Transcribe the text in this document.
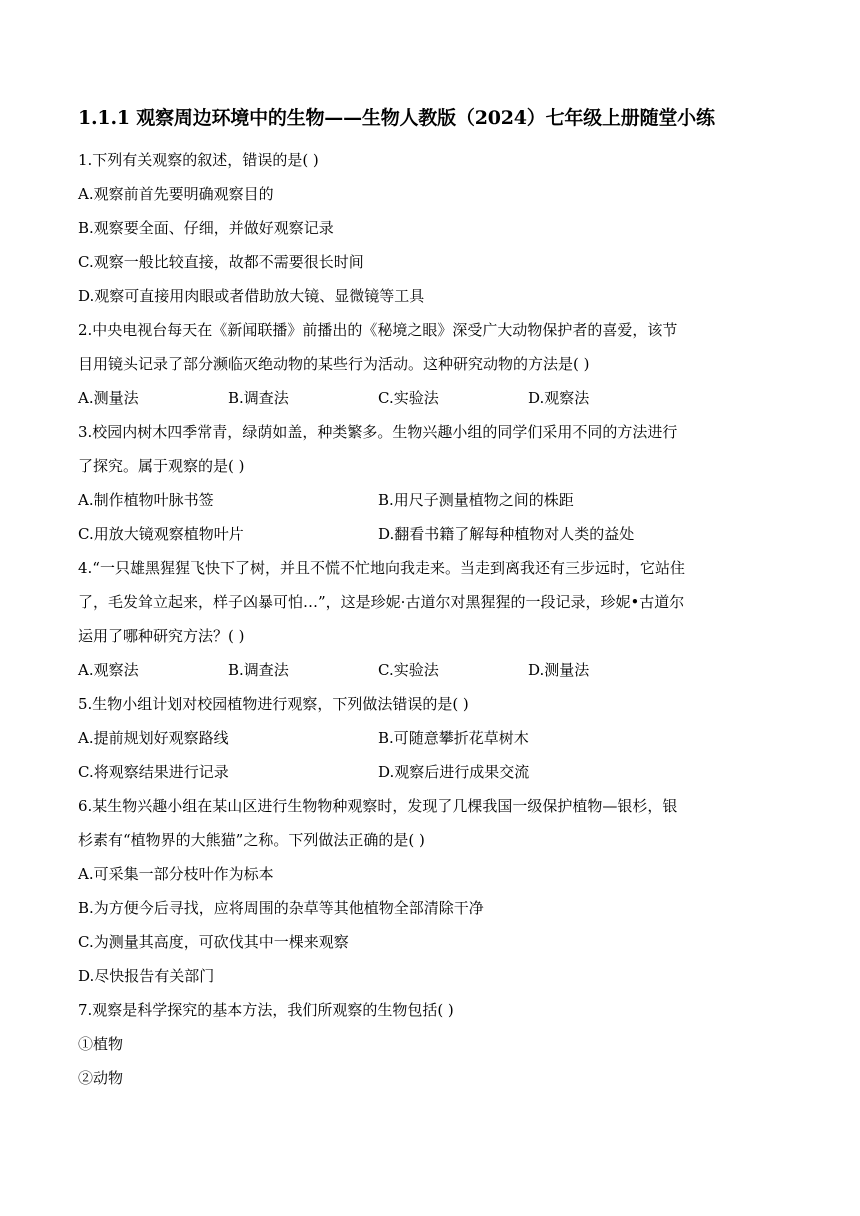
1.1.1 观察周边环境中的生物——生物人教版（2024）七年级上册随堂小练
1.下列有关观察的叙述，错误的是( )
A.观察前首先要明确观察目的
B.观察要全面、仔细，并做好观察记录
C.观察一般比较直接，故都不需要很长时间
D.观察可直接用肉眼或者借助放大镜、显微镜等工具
2.中央电视台每天在《新闻联播》前播出的《秘境之眼》深受广大动物保护者的喜爱，该节
目用镜头记录了部分濒临灭绝动物的某些行为活动。这种研究动物的方法是( )
A.测量法	B.调查法	C.实验法	D.观察法
3.校园内树木四季常青，绿荫如盖，种类繁多。生物兴趣小组的同学们采用不同的方法进行
了探究。属于观察的是( )
A.制作植物叶脉书签	B.用尺子测量植物之间的株距
C.用放大镜观察植物叶片	D.翻看书籍了解每种植物对人类的益处
4.“一只雄黑猩猩飞快下了树，并且不慌不忙地向我走来。当走到离我还有三步远时，它站住
了，毛发耸立起来，样子凶暴可怕…”，这是珍妮·古道尔对黑猩猩的一段记录，珍妮•古道尔
运用了哪种研究方法？( )
A.观察法	B.调查法	C.实验法	D.测量法
5.生物小组计划对校园植物进行观察，下列做法错误的是( )
A.提前规划好观察路线	B.可随意攀折花草树木
C.将观察结果进行记录	D.观察后进行成果交流
6.某生物兴趣小组在某山区进行生物物种观察时，发现了几棵我国一级保护植物—银杉，银
杉素有“植物界的大熊猫”之称。下列做法正确的是( )
A.可采集一部分枝叶作为标本
B.为方便今后寻找，应将周围的杂草等其他植物全部清除干净
C.为测量其高度，可砍伐其中一棵来观察
D.尽快报告有关部门
7.观察是科学探究的基本方法，我们所观察的生物包括( )
①植物
②动物
